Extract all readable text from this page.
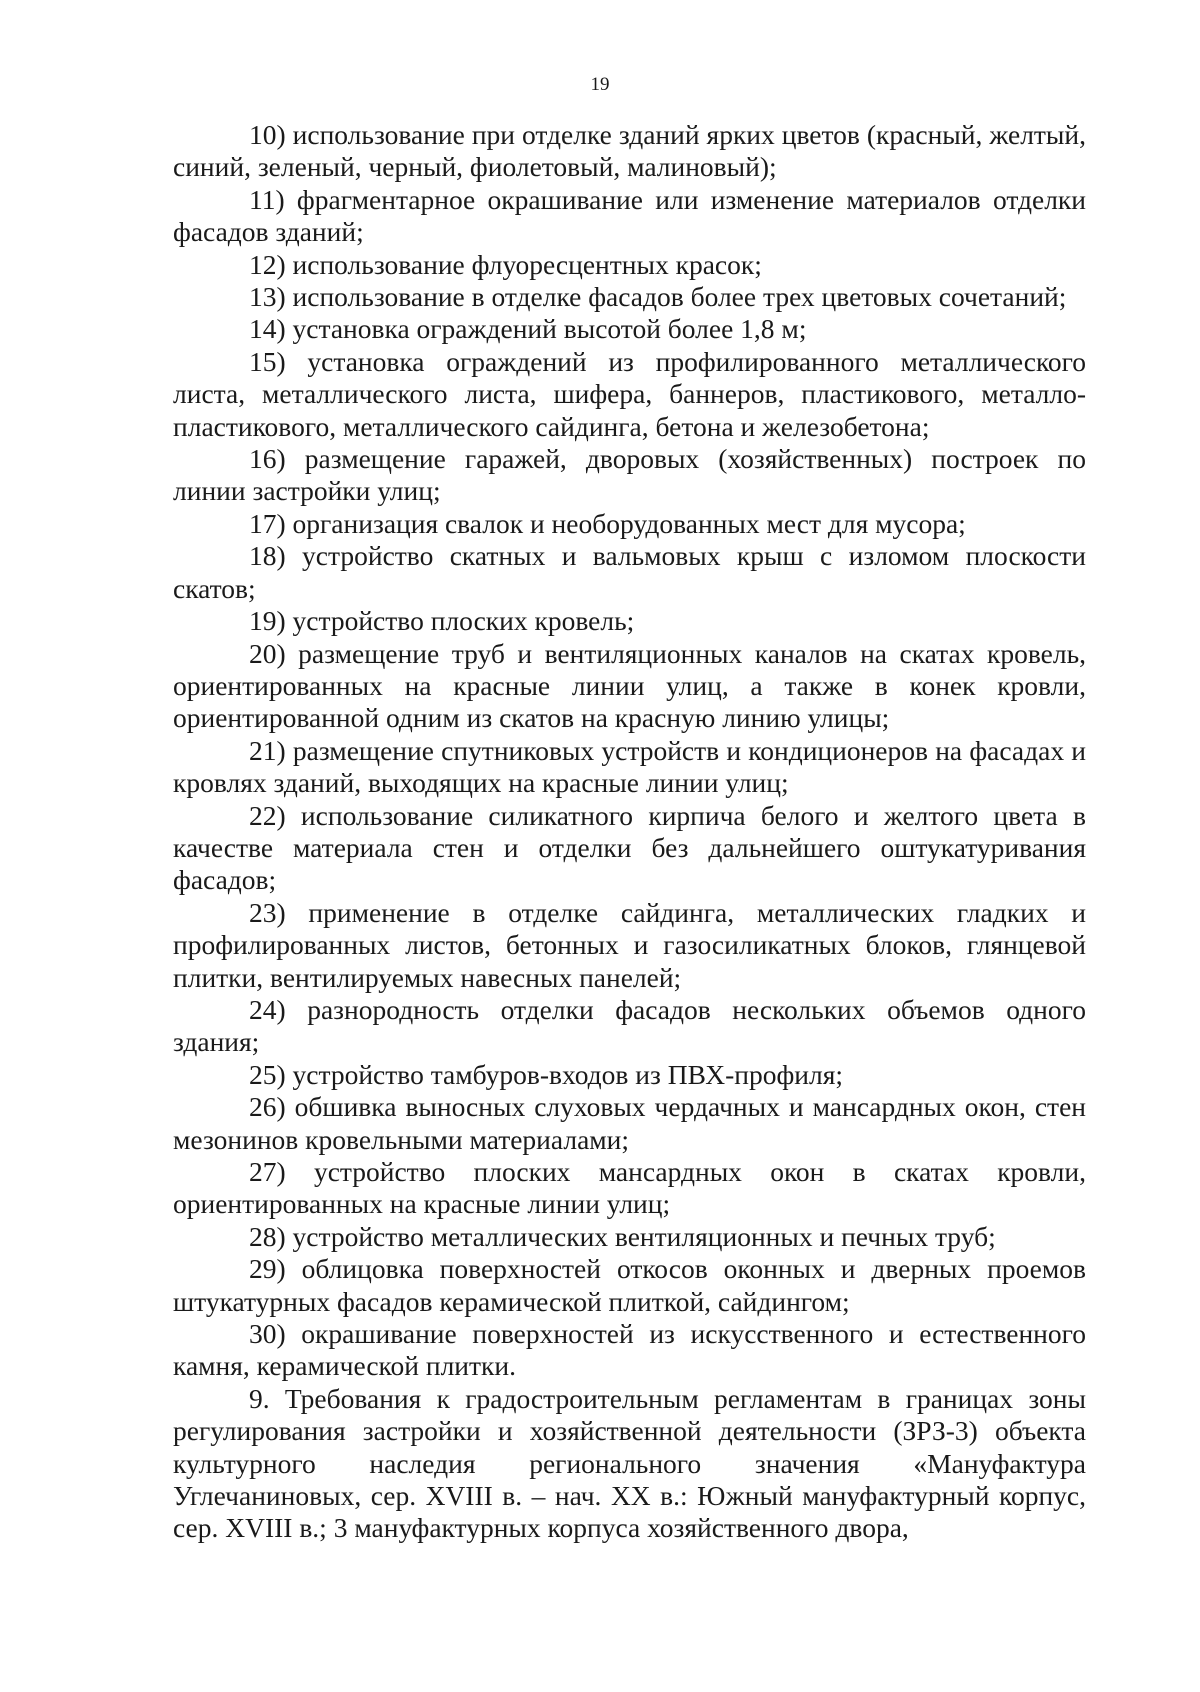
19

10) использование при отделке зданий ярких цветов (красный, желтый, синий, зеленый, черный, фиолетовый, малиновый);

11) фрагментарное окрашивание или изменение материалов отделки фасадов зданий;

12) использование флуоресцентных красок;

13) использование в отделке фасадов более трех цветовых сочетаний;

14) установка ограждений высотой более 1,8 м;

15) установка ограждений из профилированного металлического листа, металлического листа, шифера, баннеров, пластикового, металло-пластикового, металлического сайдинга, бетона и железобетона;

16) размещение гаражей, дворовых (хозяйственных) построек по линии застройки улиц;

17) организация свалок и необорудованных мест для мусора;

18) устройство скатных и вальмовых крыш с изломом плоскости скатов;

19) устройство плоских кровель;

20) размещение труб и вентиляционных каналов на скатах кровель, ориентированных на красные линии улиц, а также в конек кровли, ориентированной одним из скатов на красную линию улицы;

21) размещение спутниковых устройств и кондиционеров на фасадах и кровлях зданий, выходящих на красные линии улиц;

22) использование силикатного кирпича белого и желтого цвета в качестве материала стен и отделки без дальнейшего оштукатуривания фасадов;

23) применение в отделке сайдинга, металлических гладких и профилированных листов, бетонных и газосиликатных блоков, глянцевой плитки, вентилируемых навесных панелей;

24) разнородность отделки фасадов нескольких объемов одного здания;

25) устройство тамбуров-входов из ПВХ-профиля;

26) обшивка выносных слуховых чердачных и мансардных окон, стен мезонинов кровельными материалами;

27) устройство плоских мансардных окон в скатах кровли, ориентированных на красные линии улиц;

28) устройство металлических вентиляционных и печных труб;

29) облицовка поверхностей откосов оконных и дверных проемов штукатурных фасадов керамической плиткой, сайдингом;

30) окрашивание поверхностей из искусственного и естественного камня, керамической плитки.

9. Требования к градостроительным регламентам в границах зоны регулирования застройки и хозяйственной деятельности (ЗРЗ-3) объекта культурного наследия регионального значения «Мануфактура Углечаниновых, сер. XVIII в. – нач. XX в.: Южный мануфактурный корпус, сер. XVIII в.; 3 мануфактурных корпуса хозяйственного двора,
